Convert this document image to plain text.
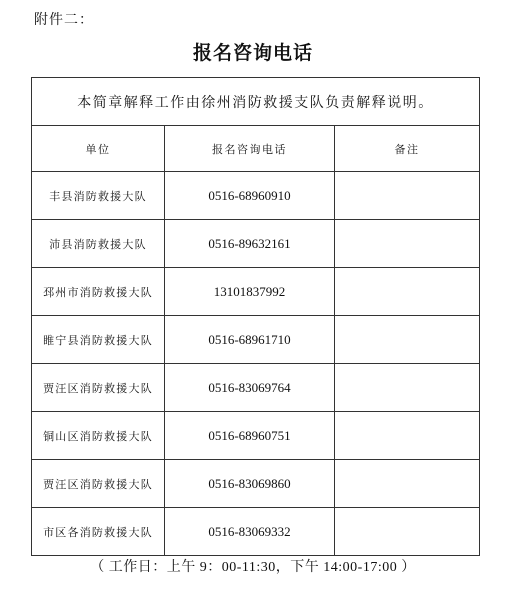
附件二：
报名咨询电话
本简章解释工作由徐州消防救援支队负责解释说明。		
单位	报名咨询电话	备注
丰县消防救援大队	0516-68960910	
沛县消防救援大队	0516-89632161	
邳州市消防救援大队	13101837992	
睢宁县消防救援大队	0516-68961710	
贾汪区消防救援大队	0516-83069764	
铜山区消防救援大队	0516-68960751	
贾汪区消防救援大队	0516-83069860	
市区各消防救援大队	0516-83069332	
（ 工作日：上午 9：00-11:30，下午 14:00-17:00 ）
